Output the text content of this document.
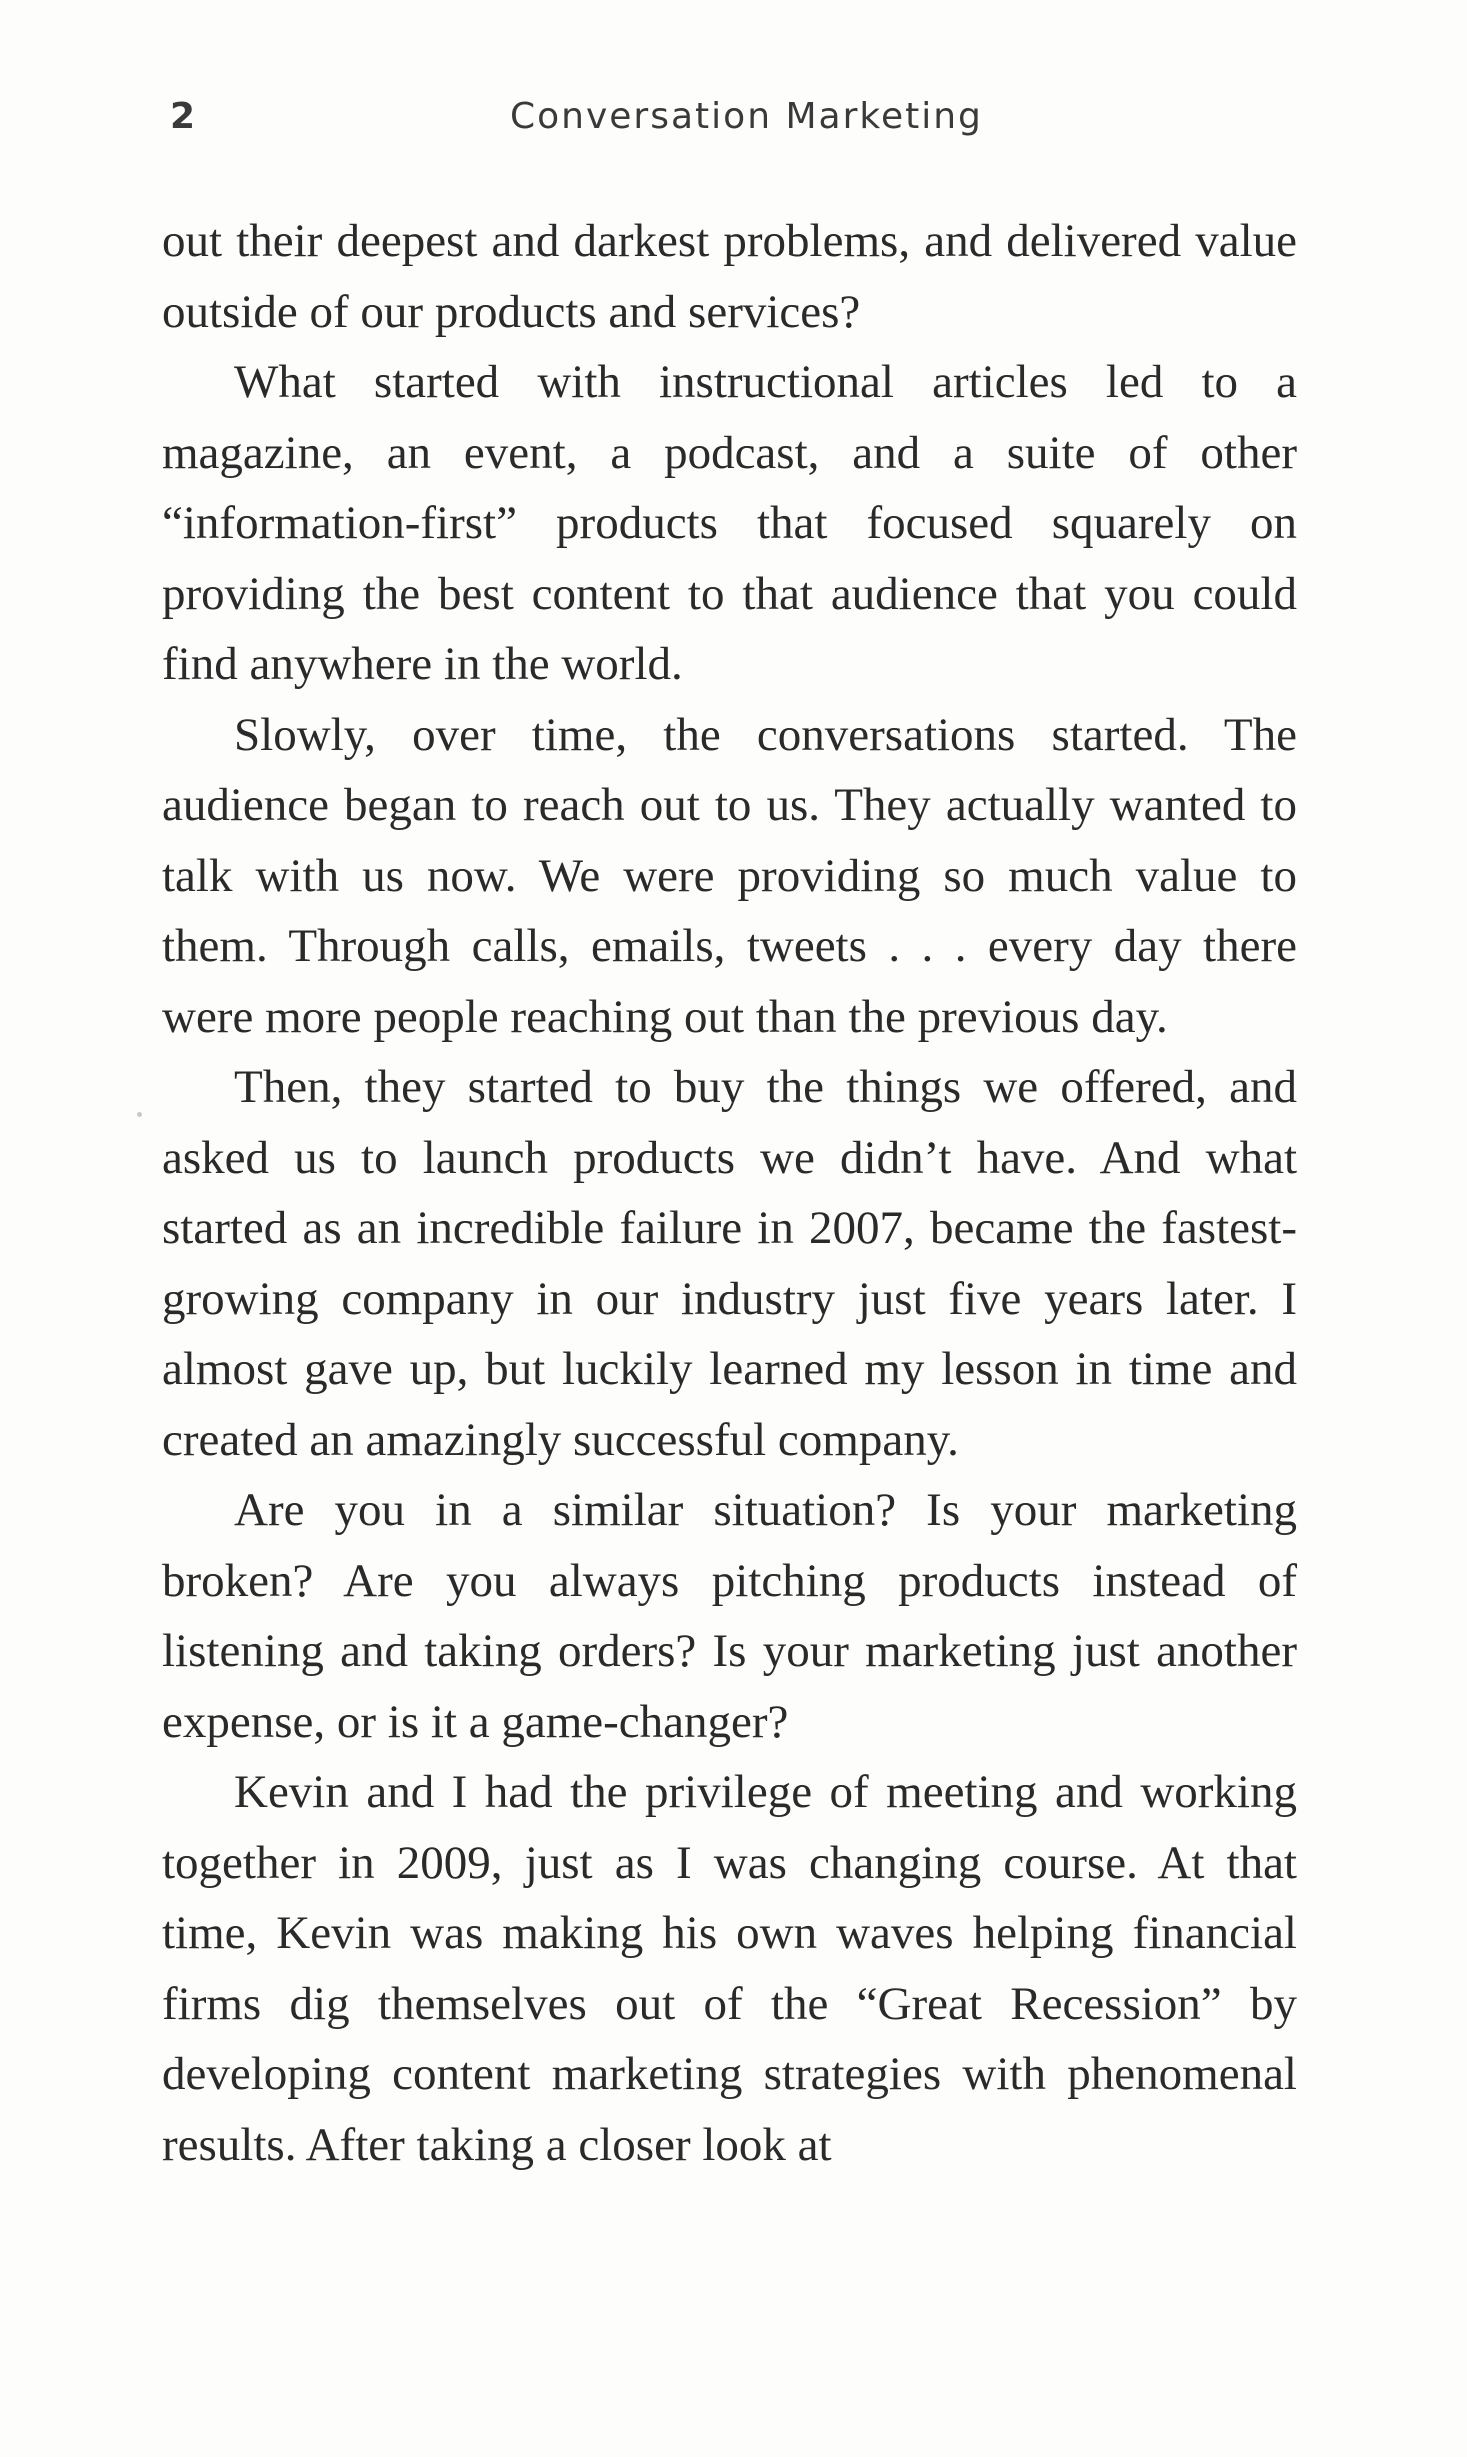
2	Conversation Marketing

out their deepest and darkest problems, and delivered value outside of our products and services?

What started with instructional articles led to a magazine, an event, a podcast, and a suite of other “information-first” products that focused squarely on providing the best content to that audience that you could find anywhere in the world.

Slowly, over time, the conversations started. The audience began to reach out to us. They actually wanted to talk with us now. We were providing so much value to them. Through calls, emails, tweets . . . every day there were more people reaching out than the previous day.

Then, they started to buy the things we offered, and asked us to launch products we didn’t have. And what started as an incredible failure in 2007, became the fastest-growing company in our industry just five years later. I almost gave up, but luckily learned my lesson in time and created an amazingly successful company.

Are you in a similar situation? Is your marketing broken? Are you always pitching products instead of listening and taking orders? Is your marketing just another expense, or is it a game-changer?

Kevin and I had the privilege of meeting and working together in 2009, just as I was changing course. At that time, Kevin was making his own waves helping financial firms dig themselves out of the “Great Recession” by developing content marketing strategies with phenomenal results. After taking a closer look at
